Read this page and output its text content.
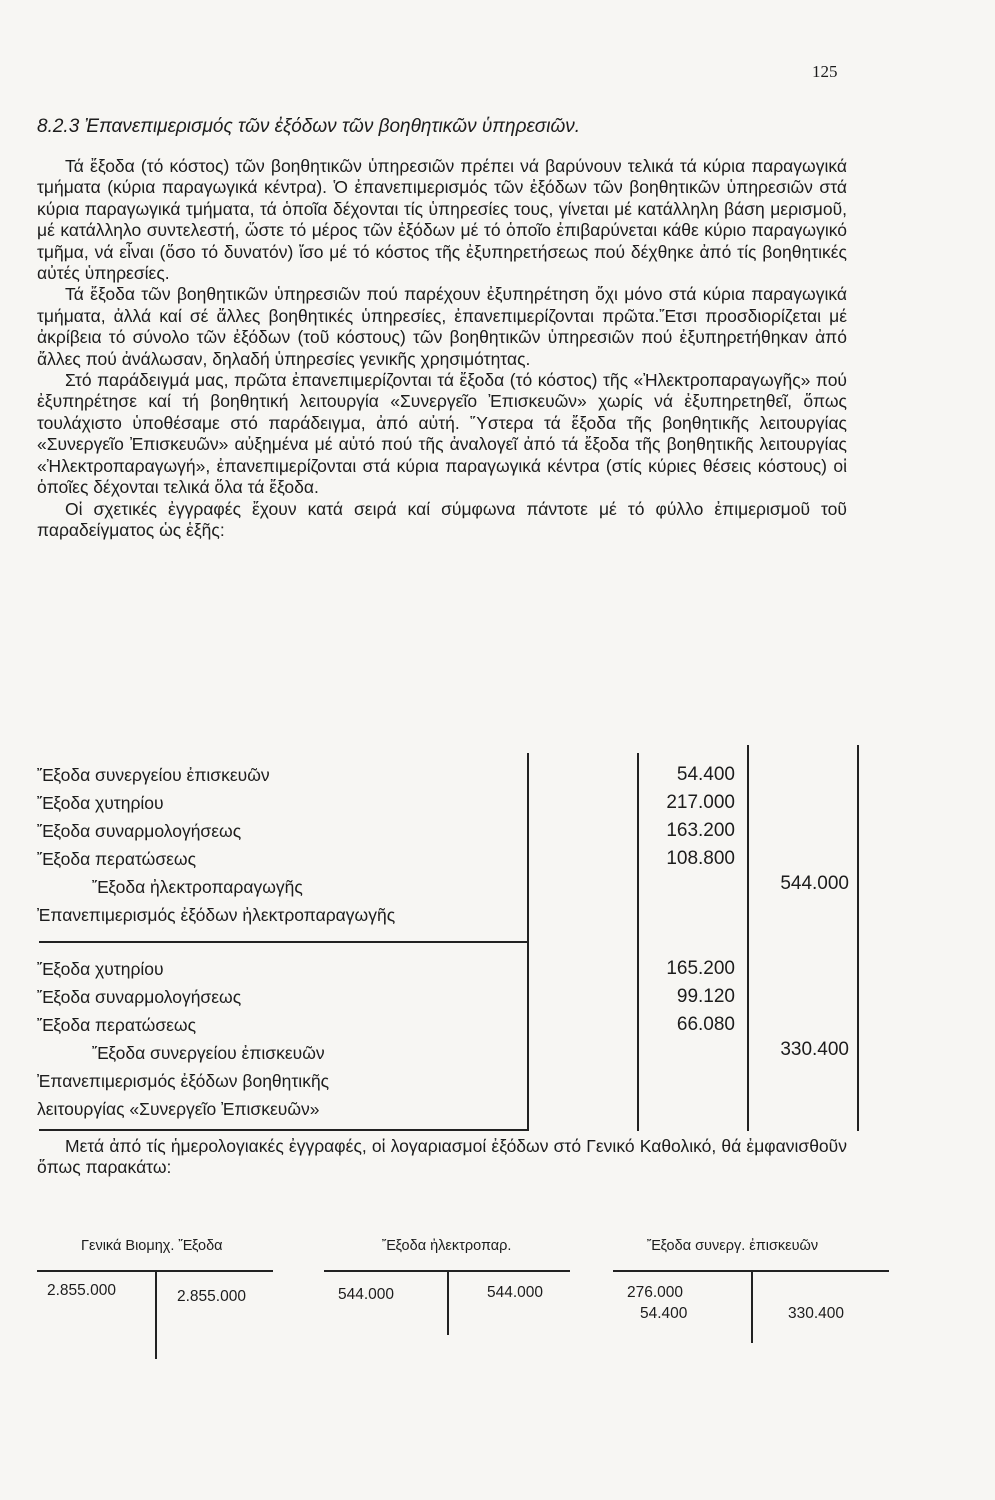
125
8.2.3 Ἐπανεπιμερισμός τῶν ἐξόδων τῶν βοηθητικῶν ὑπηρεσιῶν.

Τά ἔξοδα (τό κόστος) τῶν βοηθητικῶν ὑπηρεσιῶν πρέπει νά βαρύνουν τελικά τά κύρια παραγωγικά τμήματα (κύρια παραγωγικά κέντρα). Ὁ ἐπανεπιμερισμός τῶν ἐξόδων τῶν βοηθητικῶν ὑπηρεσιῶν στά κύρια παραγωγικά τμήματα, τά ὁποῖα δέχονται τίς ὑπηρεσίες τους, γίνεται μέ κατάλληλη βάση μερισμοῦ, μέ κατάλληλο συντελεστή, ὥστε τό μέρος τῶν ἐξόδων μέ τό ὁποῖο ἐπιβαρύνεται κάθε κύριο παραγωγικό τμῆμα, νά εἶναι (ὅσο τό δυνατόν) ἴσο μέ τό κόστος τῆς ἐξυπηρετήσεως πού δέχθηκε ἀπό τίς βοηθητικές αὐτές ὑπηρεσίες.

Τά ἔξοδα τῶν βοηθητικῶν ὑπηρεσιῶν πού παρέχουν ἐξυπηρέτηση ὄχι μόνο στά κύρια παραγωγικά τμήματα, ἀλλά καί σέ ἄλλες βοηθητικές ὑπηρεσίες, ἐπανεπιμερίζονται πρῶτα.Ἔτσι προσδιορίζεται μέ ἀκρίβεια τό σύνολο τῶν ἐξόδων (τοῦ κόστους) τῶν βοηθητικῶν ὑπηρεσιῶν πού ἐξυπηρετήθηκαν ἀπό ἄλλες πού ἀνάλωσαν, δηλαδή ὑπηρεσίες γενικῆς χρησιμότητας.

Στό παράδειγμά μας, πρῶτα ἐπανεπιμερίζονται τά ἔξοδα (τό κόστος) τῆς «Ἠλεκτροπαραγωγῆς» πού ἐξυπηρέτησε καί τή βοηθητική λειτουργία «Συνεργεῖο Ἐπισκευῶν» χωρίς νά ἐξυπηρετηθεῖ, ὅπως τουλάχιστο ὑποθέσαμε στό παράδειγμα, ἀπό αὐτή. Ὕστερα τά ἔξοδα τῆς βοηθητικῆς λειτουργίας «Συνεργεῖο Ἐπισκευῶν» αὐξημένα μέ αὐτό πού τῆς ἀναλογεῖ ἀπό τά ἔξοδα τῆς βοηθητικῆς λειτουργίας «Ἠλεκτροπαραγωγή», ἐπανεπιμερίζονται στά κύρια παραγωγικά κέντρα (στίς κύριες θέσεις κόστους) οἱ ὁποῖες δέχονται τελικά ὅλα τά ἔξοδα.

Οἱ σχετικές ἐγγραφές ἔχουν κατά σειρά καί σύμφωνα πάντοτε μέ τό φύλλο ἐπιμερισμοῦ τοῦ παραδείγματος ὡς ἑξῆς:

Ἔξοδα συνεργείου ἐπισκευῶν	54.400
Ἔξοδα χυτηρίου	217.000
Ἔξοδα συναρμολογήσεως	163.200
Ἔξοδα περατώσεως	108.800
Ἔξοδα ἠλεκτροπαραγωγῆς	544.000
Ἐπανεπιμερισμός ἐξόδων ἠλεκτροπαραγωγῆς
Ἔξοδα χυτηρίου	165.200
Ἔξοδα συναρμολογήσεως	99.120
Ἔξοδα περατώσεως	66.080
Ἔξοδα συνεργείου ἐπισκευῶν	330.400
Ἐπανεπιμερισμός ἐξόδων βοηθητικῆς
λειτουργίας «Συνεργεῖο Ἐπισκευῶν»

Μετά ἀπό τίς ἡμερολογιακές ἐγγραφές, οἱ λογαριασμοί ἐξόδων στό Γενικό Καθολικό, θά ἐμφανισθοῦν ὅπως παρακάτω:

Γενικά Βιομηχ. Ἔξοδα
2.855.000	2.855.000
Ἔξοδα ἠλεκτροπαρ.
544.000	544.000
Ἔξοδα συνεργ. ἐπισκευῶν
276.000
54.400	330.400
